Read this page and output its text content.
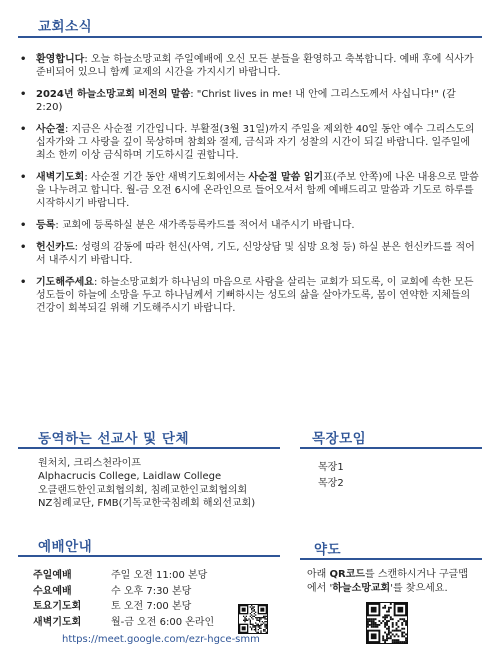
교회소식
• 환영합니다: 오늘 하늘소망교회 주일예배에 오신 모든 분들을 환영하고 축복합니다. 예배 후에 식사가 준비되어 있으니 함께 교제의 시간을 가지시기 바랍니다.
• 2024년 하늘소망교회 비전의 말씀: "Christ lives in me! 내 안에 그리스도께서 사십니다!" (갈 2:20)
• 사순절: 지금은 사순절 기간입니다. 부활절(3월 31일)까지 주일을 제외한 40일 동안 예수 그리스도의 십자가와 그 사랑을 깊이 묵상하며 참회와 절제, 금식과 자기 성찰의 시간이 되길 바랍니다. 일주일에 최소 한끼 이상 금식하며 기도하시길 권합니다.
• 새벽기도회: 사순절 기간 동안 새벽기도회에서는 사순절 말씀 읽기표(주보 안쪽)에 나온 내용으로 말씀을 나누려고 합니다. 월-금 오전 6시에 온라인으로 들어오셔서 함께 예배드리고 말씀과 기도로 하루를 시작하시기 바랍니다.
• 등록: 교회에 등록하실 분은 새가족등록카드를 적어서 내주시기 바랍니다.
• 헌신카드: 성령의 감동에 따라 헌신(사역, 기도, 신앙상담 및 심방 요청 등) 하실 분은 헌신카드를 적어서 내주시기 바랍니다.
• 기도해주세요: 하늘소망교회가 하나님의 마음으로 사람을 살리는 교회가 되도록, 이 교회에 속한 모든 성도들이 하늘에 소망을 두고 하나님께서 기뻐하시는 성도의 삶을 살아가도록, 몸이 연약한 지체들의 건강이 회복되길 위해 기도해주시기 바랍니다.
동역하는 선교사 및 단체
원처치, 크리스천라이프
Alphacrucis College, Laidlaw College
오클랜드한인교회협의회, 침례교한인교회협의회
NZ침례교단, FMB(기독교한국침례회 해외선교회)
목장모임
목장1
목장2
예배안내
주일예배	주일 오전 11:00 본당
수요예배	수 오후 7:30 본당
토요기도회	토 오전 7:00 본당
새벽기도회	월-금 오전 6:00 온라인
https://meet.google.com/ezr-hgce-smm
약도
아래 QR코드를 스캔하시거나 구글맵
에서 '하늘소망교회'를 찾으세요.
